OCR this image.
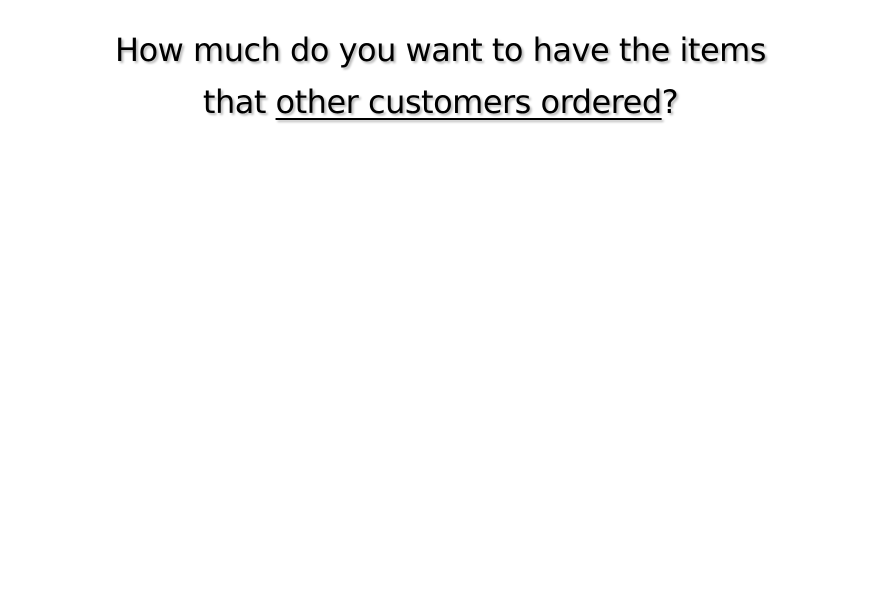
How much do you want to have the items
that other customers ordered?
